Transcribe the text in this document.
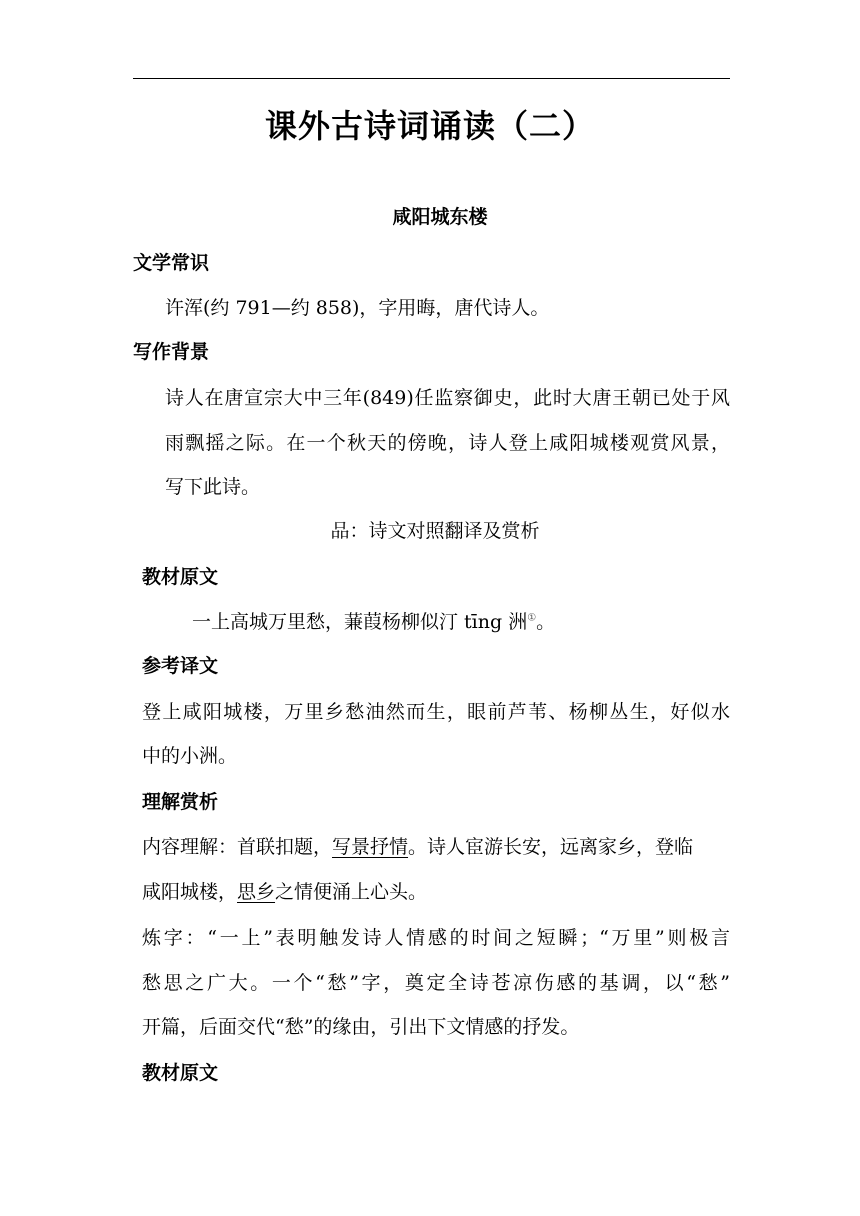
课外古诗词诵读（二）
咸阳城东楼
文学常识
许浑(约 791—约 858)，字用晦，唐代诗人。
写作背景
诗人在唐宣宗大中三年(849)任监察御史，此时大唐王朝已处于风
雨飘摇之际。在一个秋天的傍晚，诗人登上咸阳城楼观赏风景，
写下此诗。
品：诗文对照翻译及赏析
教材原文
一上高城万里愁，蒹葭杨柳似汀 tīng 洲①。
参考译文
登上咸阳城楼，万里乡愁油然而生，眼前芦苇、杨柳丛生，好似水
中的小洲。
理解赏析
内容理解：首联扣题，写景抒情。诗人宦游长安，远离家乡，登临
咸阳城楼，思乡之情便涌上心头。
炼字：“一上”表明触发诗人情感的时间之短瞬；“万里”则极言
愁思之广大。一个“愁”字，奠定全诗苍凉伤感的基调，以“愁”
开篇，后面交代“愁”的缘由，引出下文情感的抒发。
教材原文
